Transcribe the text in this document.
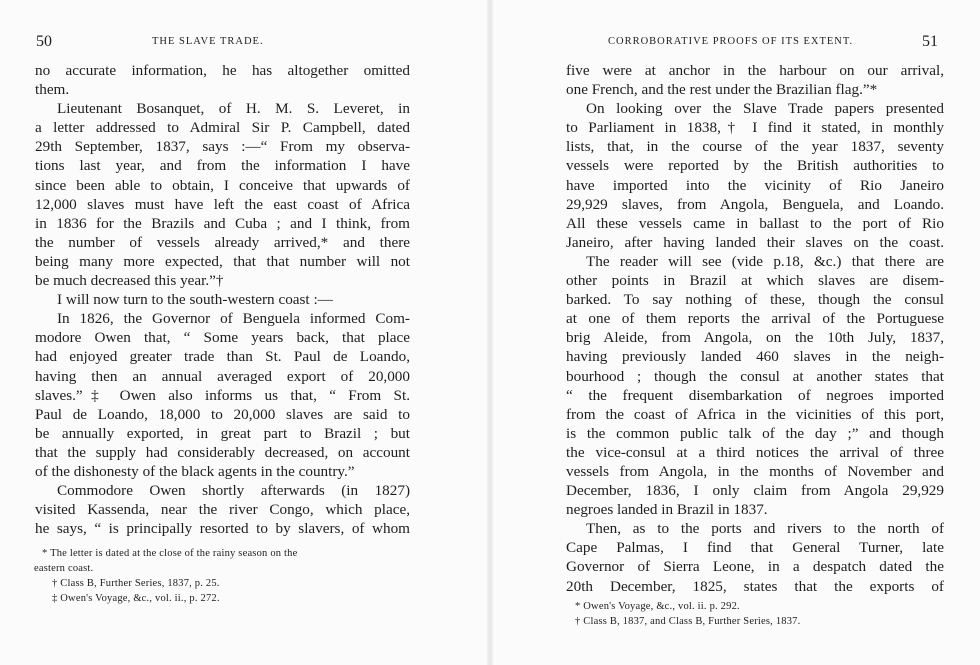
50	THE SLAVE TRADE.
no accurate information, he has altogether omitted
them.
Lieutenant Bosanquet, of H. M. S. Leveret, in
a letter addressed to Admiral Sir P. Campbell, dated
29th September, 1837, says :—“ From my observa-
tions last year, and from the information I have
since been able to obtain, I conceive that upwards of
12,000 slaves must have left the east coast of Africa
in 1836 for the Brazils and Cuba ; and I think, from
the number of vessels already arrived,* and there
being many more expected, that that number will not
be much decreased this year.”†
I will now turn to the south-western coast :—
In 1826, the Governor of Benguela informed Com-
modore Owen that, “ Some years back, that place
had enjoyed greater trade than St. Paul de Loando,
having then an annual averaged export of 20,000
slaves.”‡ Owen also informs us that, “ From St.
Paul de Loando, 18,000 to 20,000 slaves are said to
be annually exported, in great part to Brazil ; but
that the supply had considerably decreased, on account
of the dishonesty of the black agents in the country.”
Commodore Owen shortly afterwards (in 1827)
visited Kassenda, near the river Congo, which place,
he says, “ is principally resorted to by slavers, of whom
* The letter is dated at the close of the rainy season on the
eastern coast.
† Class B, Further Series, 1837, p. 25.
‡ Owen's Voyage, &c., vol. ii., p. 272.
CORROBORATIVE PROOFS OF ITS EXTENT.	51
five were at anchor in the harbour on our arrival,
one French, and the rest under the Brazilian flag.”*
On looking over the Slave Trade papers presented
to Parliament in 1838,† I find it stated, in monthly
lists, that, in the course of the year 1837, seventy
vessels were reported by the British authorities to
have imported into the vicinity of Rio Janeiro
29,929 slaves, from Angola, Benguela, and Loando.
All these vessels came in ballast to the port of Rio
Janeiro, after having landed their slaves on the coast.
The reader will see (vide p.18, &c.) that there are
other points in Brazil at which slaves are disem-
barked. To say nothing of these, though the consul
at one of them reports the arrival of the Portuguese
brig Aleide, from Angola, on the 10th July, 1837,
having previously landed 460 slaves in the neigh-
bourhood ; though the consul at another states that
“ the frequent disembarkation of negroes imported
from the coast of Africa in the vicinities of this port,
is the common public talk of the day ;” and though
the vice-consul at a third notices the arrival of three
vessels from Angola, in the months of November and
December, 1836, I only claim from Angola 29,929
negroes landed in Brazil in 1837.
Then, as to the ports and rivers to the north of
Cape Palmas, I find that General Turner, late
Governor of Sierra Leone, in a despatch dated the
20th December, 1825, states that the exports of
* Owen's Voyage, &c., vol. ii. p. 292.
† Class B, 1837, and Class B, Further Series, 1837.
